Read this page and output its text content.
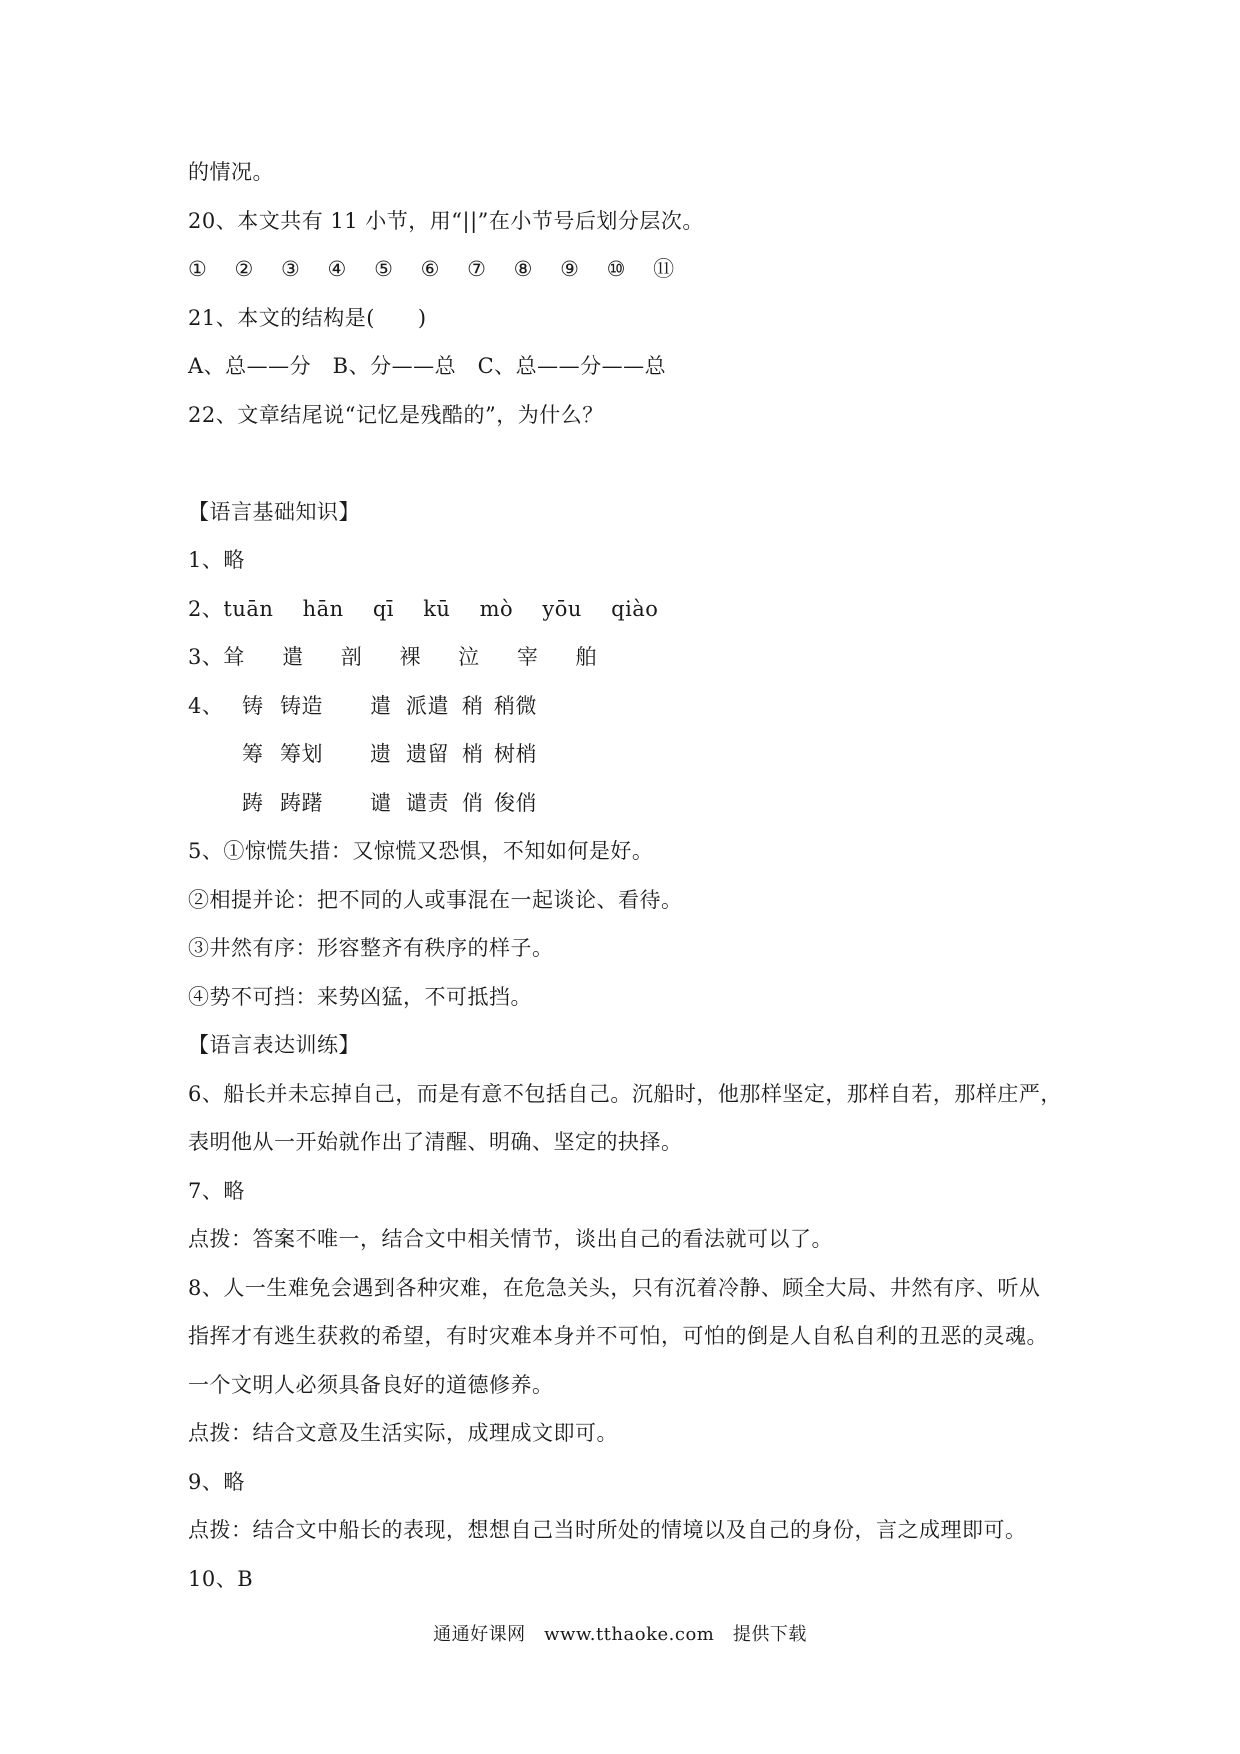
的情况。
20、本文共有 11 小节，用“||”在小节号后划分层次。
① ② ③ ④ ⑤ ⑥ ⑦ ⑧ ⑨ ⑩ ⑪
21、本文的结构是(　　)
A、总——分　B、分——总　C、总——分——总
22、文章结尾说“记忆是残酷的”，为什么？
【语言基础知识】
1、略
2、tuān hān qī kū mò yōu qiào
3、耸 遣 剖 裸 泣 宰 舶
4、 铸 铸造	遣 派遣 稍 稍微
筹 筹划	遗 遗留 梢 树梢
踌 踌躇	谴 谴责 俏 俊俏
5、①惊慌失措：又惊慌又恐惧，不知如何是好。
②相提并论：把不同的人或事混在一起谈论、看待。
③井然有序：形容整齐有秩序的样子。
④势不可挡：来势凶猛，不可抵挡。
【语言表达训练】
6、船长并未忘掉自己，而是有意不包括自己。沉船时，他那样坚定，那样自若，那样庄严，
表明他从一开始就作出了清醒、明确、坚定的抉择。
7、略
点拨：答案不唯一，结合文中相关情节，谈出自己的看法就可以了。
8、人一生难免会遇到各种灾难，在危急关头，只有沉着冷静、顾全大局、井然有序、听从
指挥才有逃生获救的希望，有时灾难本身并不可怕，可怕的倒是人自私自利的丑恶的灵魂。
一个文明人必须具备良好的道德修养。
点拨：结合文意及生活实际，成理成文即可。
9、略
点拨：结合文中船长的表现，想想自己当时所处的情境以及自己的身份，言之成理即可。
10、B
通通好课网　www.tthaoke.com　提供下载
